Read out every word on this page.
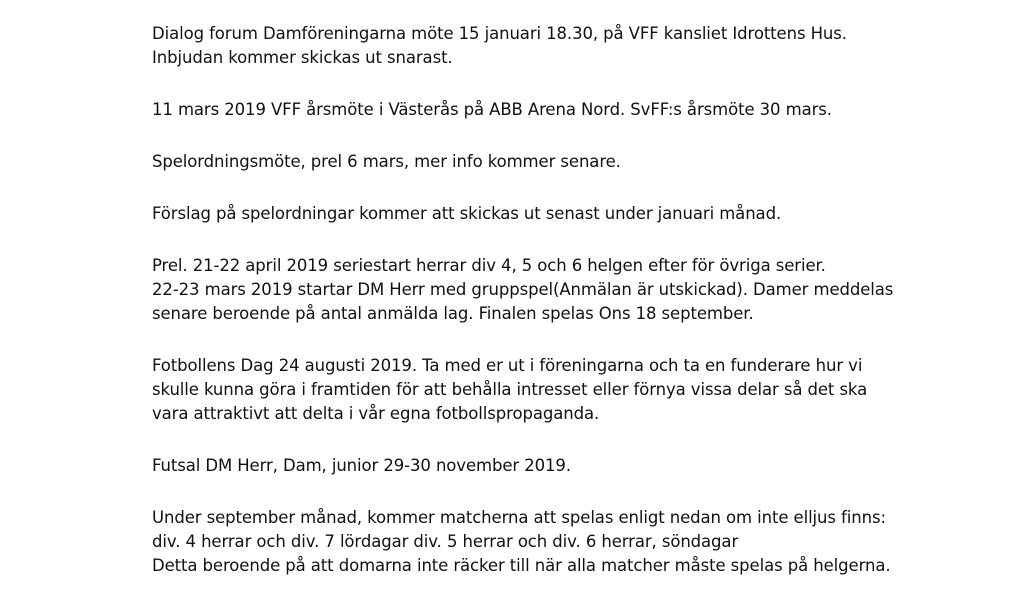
Dialog forum Damföreningarna möte 15 januari 18.30, på VFF kansliet Idrottens Hus.
Inbjudan kommer skickas ut snarast.

11 mars 2019 VFF årsmöte i Västerås på ABB Arena Nord. SvFF:s årsmöte 30 mars.

Spelordningsmöte, prel 6 mars, mer info kommer senare.

Förslag på spelordningar kommer att skickas ut senast under januari månad.

Prel. 21-22 april 2019 seriestart herrar div 4, 5 och 6 helgen efter för övriga serier.
22-23 mars 2019 startar DM Herr med gruppspel(Anmälan är utskickad). Damer meddelas
senare beroende på antal anmälda lag. Finalen spelas Ons 18 september.

Fotbollens Dag 24 augusti 2019. Ta med er ut i föreningarna och ta en funderare hur vi
skulle kunna göra i framtiden för att behålla intresset eller förnya vissa delar så det ska
vara attraktivt att delta i vår egna fotbollspropaganda.

Futsal DM Herr, Dam, junior 29-30 november 2019.

Under september månad, kommer matcherna att spelas enligt nedan om inte elljus finns:
div. 4 herrar och div. 7 lördagar div. 5 herrar och div. 6 herrar, söndagar
Detta beroende på att domarna inte räcker till när alla matcher måste spelas på helgerna.
